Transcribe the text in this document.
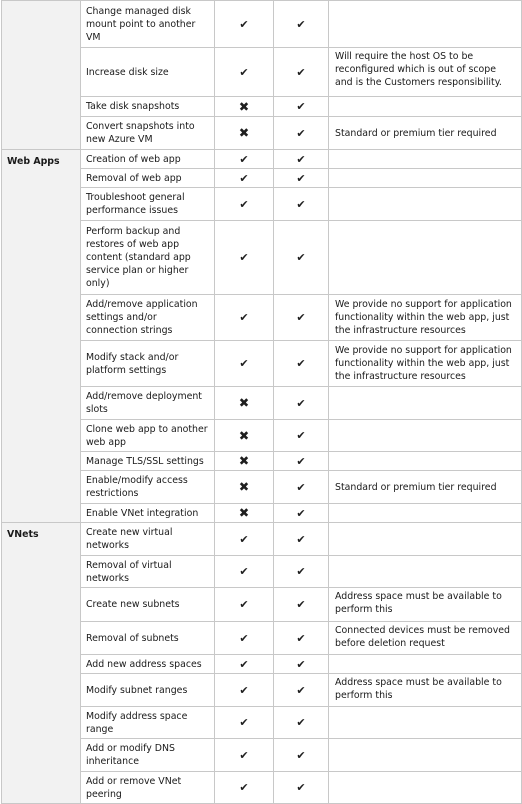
	Change managed disk mount point to another VM	✔	✔	
	Increase disk size	✔	✔	Will require the host OS to be reconfigured which is out of scope and is the Customers responsibility.
	Take disk snapshots	✖	✔	
	Convert snapshots into new Azure VM	✖	✔	Standard or premium tier required
Web Apps	Creation of web app	✔	✔	
	Removal of web app	✔	✔	
	Troubleshoot general performance issues	✔	✔	
	Perform backup and restores of web app content (standard app service plan or higher only)	✔	✔	
	Add/remove application settings and/or connection strings	✔	✔	We provide no support for application functionality within the web app, just the infrastructure resources
	Modify stack and/or platform settings	✔	✔	We provide no support for application functionality within the web app, just the infrastructure resources
	Add/remove deployment slots	✖	✔	
	Clone web app to another web app	✖	✔	
	Manage TLS/SSL settings	✖	✔	
	Enable/modify access restrictions	✖	✔	Standard or premium tier required
	Enable VNet integration	✖	✔	
VNets	Create new virtual networks	✔	✔	
	Removal of virtual networks	✔	✔	
	Create new subnets	✔	✔	Address space must be available to perform this
	Removal of subnets	✔	✔	Connected devices must be removed before deletion request
	Add new address spaces	✔	✔	
	Modify subnet ranges	✔	✔	Address space must be available to perform this
	Modify address space range	✔	✔	
	Add or modify DNS inheritance	✔	✔	
	Add or remove VNet peering	✔	✔	
